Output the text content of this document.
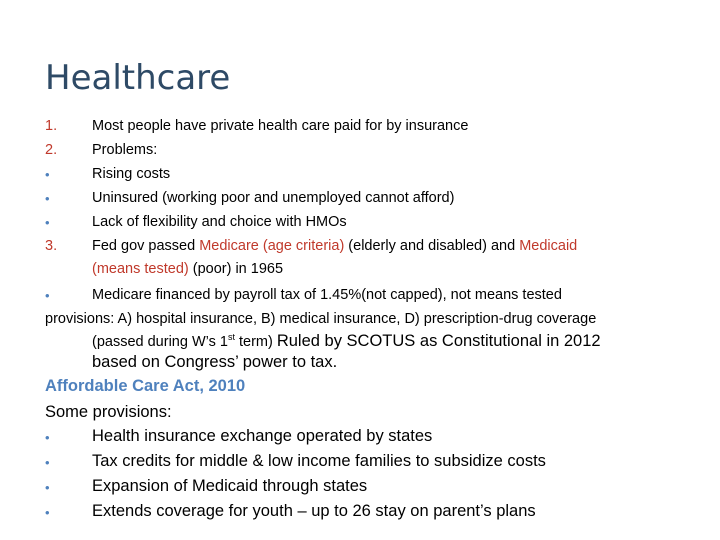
Healthcare
1. Most people have private health care paid for by insurance
2. Problems:
•	Rising costs
•	Uninsured (working poor and unemployed cannot afford)
•	Lack of flexibility and choice with HMOs
3. Fed gov passed Medicare (age criteria) (elderly and disabled) and Medicaid
(means tested) (poor) in 1965
•	Medicare financed by payroll tax of 1.45%(not capped), not means tested
provisions: A) hospital insurance, B) medical insurance, D) prescription-drug coverage
(passed during W’s 1st term) Ruled by SCOTUS as Constitutional in 2012
based on Congress’ power to tax.
Affordable Care Act, 2010
Some provisions:
•	Health insurance exchange operated by states
•	Tax credits for middle & low income families to subsidize costs
•	Expansion of Medicaid through states
•	Extends coverage for youth – up to 26 stay on parent’s plans
